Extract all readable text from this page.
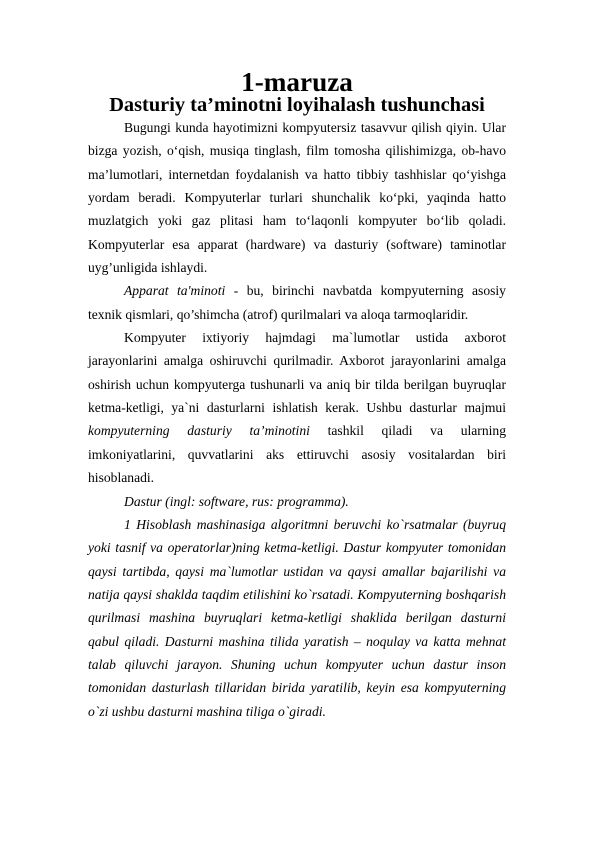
1-maruza
Dasturiy ta’minotni loyihalash tushunchasi

Bugungi kunda hayotimizni kompyutersiz tasavvur qilish qiyin. Ular bizga yozish, o‘qish, musiqa tinglash, film tomosha qilishimizga, ob-havo ma’lumotlari, internetdan foydalanish va hatto tibbiy tashhislar qo‘yishga yordam beradi. Kompyuterlar turlari shunchalik ko‘pki, yaqinda hatto muzlatgich yoki gaz plitasi ham to‘laqonli kompyuter bo‘lib qoladi. Kompyuterlar esa apparat (hardware) va dasturiy (software) taminotlar uyg’unligida ishlaydi.

Apparat ta'minoti - bu, birinchi navbatda kompyuterning asosiy texnik qismlari, qo’shimcha (atrof) qurilmalari va aloqa tarmoqlaridir.

Kompyuter ixtiyoriy hajmdagi ma`lumotlar ustida axborot jarayonlarini amalga oshiruvchi qurilmadir. Axborot jarayonlarini amalga oshirish uchun kompyuterga tushunarli va aniq bir tilda berilgan buyruqlar ketma-ketligi, ya`ni dasturlarni ishlatish kerak. Ushbu dasturlar majmui kompyuterning dasturiy ta’minotini tashkil qiladi va ularning imkoniyatlarini, quvvatlarini aks ettiruvchi asosiy vositalardan biri hisoblanadi.

Dastur (ingl: software, rus: programma).

1 Hisoblash mashinasiga algoritmni beruvchi ko`rsatmalar (buyruq yoki tasnif va operatorlar)ning ketma-ketligi. Dastur kompyuter tomonidan qaysi tartibda, qaysi ma`lumotlar ustidan va qaysi amallar bajarilishi va natija qaysi shaklda taqdim etilishini ko`rsatadi. Kompyuterning boshqarish qurilmasi mashina buyruqlari ketma-ketligi shaklida berilgan dasturni qabul qiladi. Dasturni mashina tilida yaratish – noqulay va katta mehnat talab qiluvchi jarayon. Shuning uchun kompyuter uchun dastur inson tomonidan dasturlash tillaridan birida yaratilib, keyin esa kompyuterning o`zi ushbu dasturni mashina tiliga o`giradi.
